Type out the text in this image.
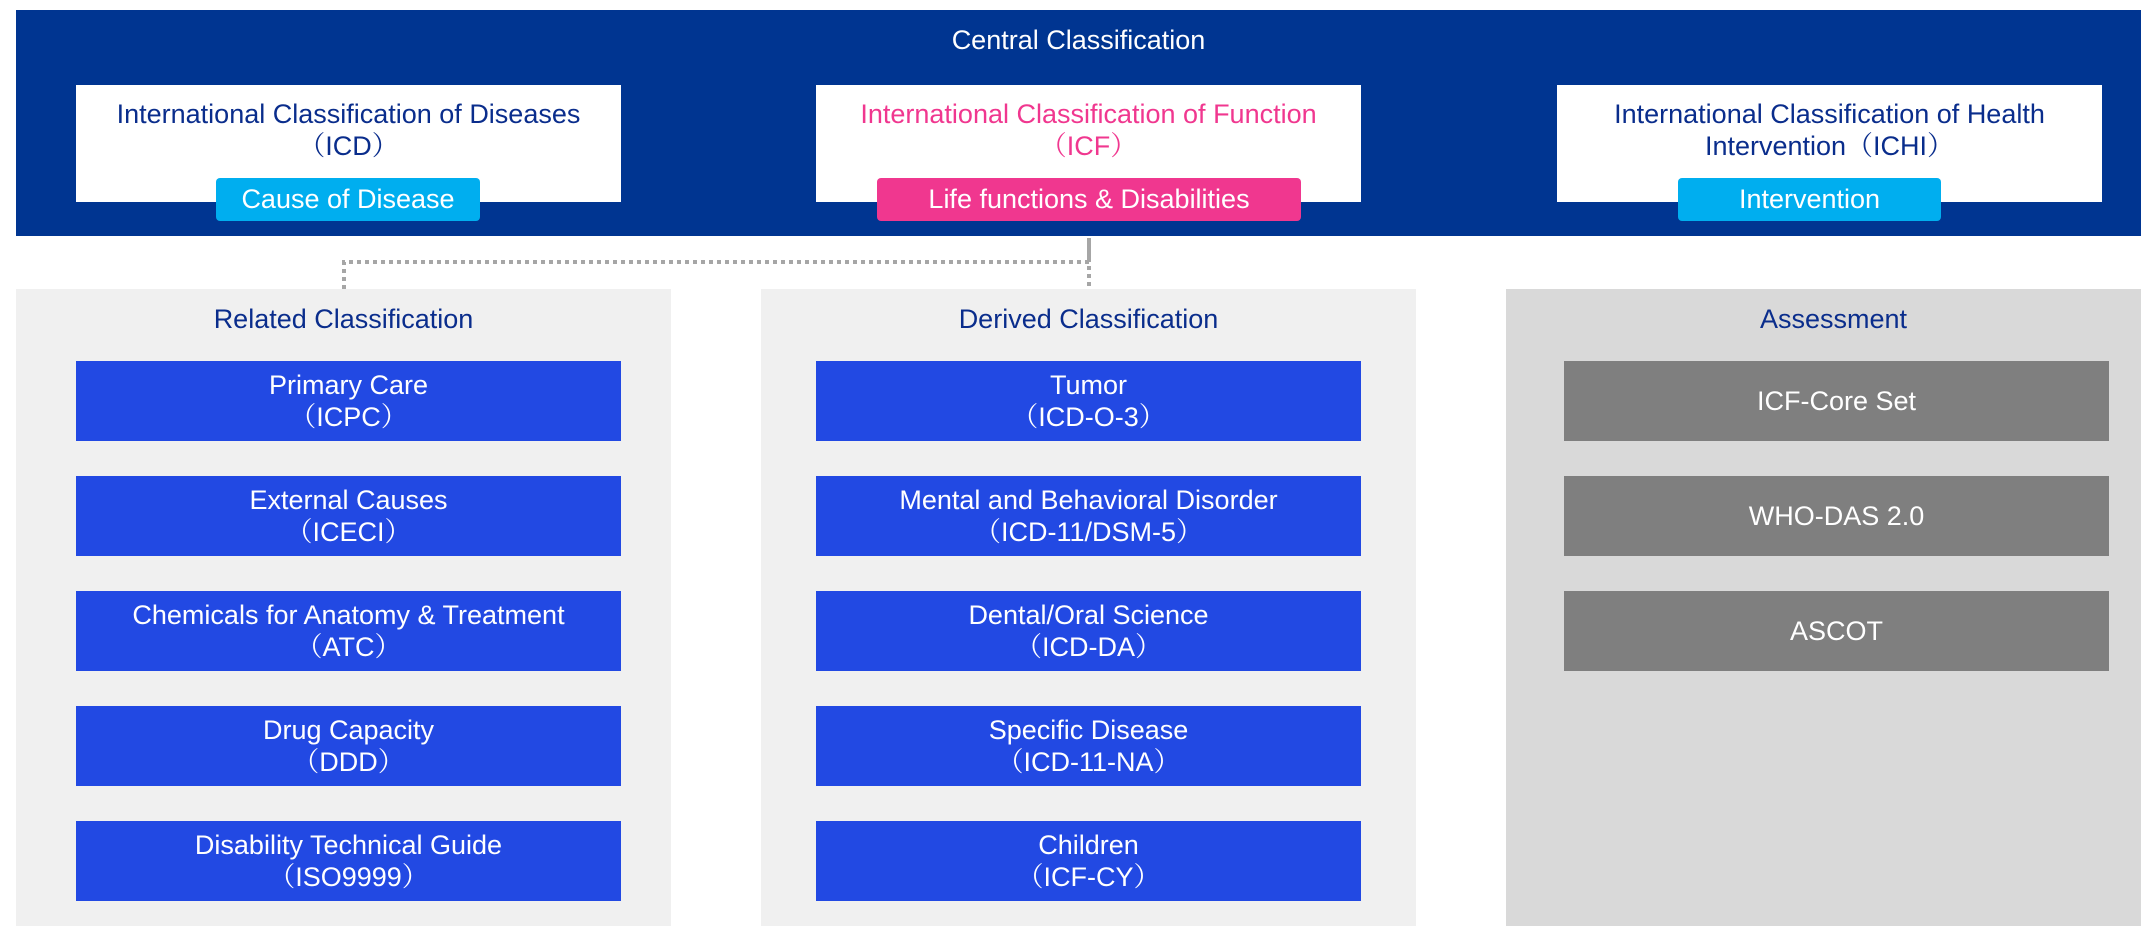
Central Classification
International Classification of Diseases
（ICD）
Cause of Disease
International Classification of Function
（ICF）
Life functions & Disabilities
International Classification of Health
Intervention（ICHI）
Intervention
Related Classification	Derived Classification	Assessment
Primary Care
（ICPC）
External Causes
（ICECI）
Chemicals for Anatomy & Treatment
（ATC）
Drug Capacity
（DDD）
Disability Technical Guide
（ISO9999）
Tumor
（ICD-O-3）
Mental and Behavioral Disorder
（ICD-11/DSM-5）
Dental/Oral Science
（ICD-DA）
Specific Disease
（ICD-11-NA）
Children
（ICF-CY）
ICF-Core Set
WHO-DAS 2.0
ASCOT
